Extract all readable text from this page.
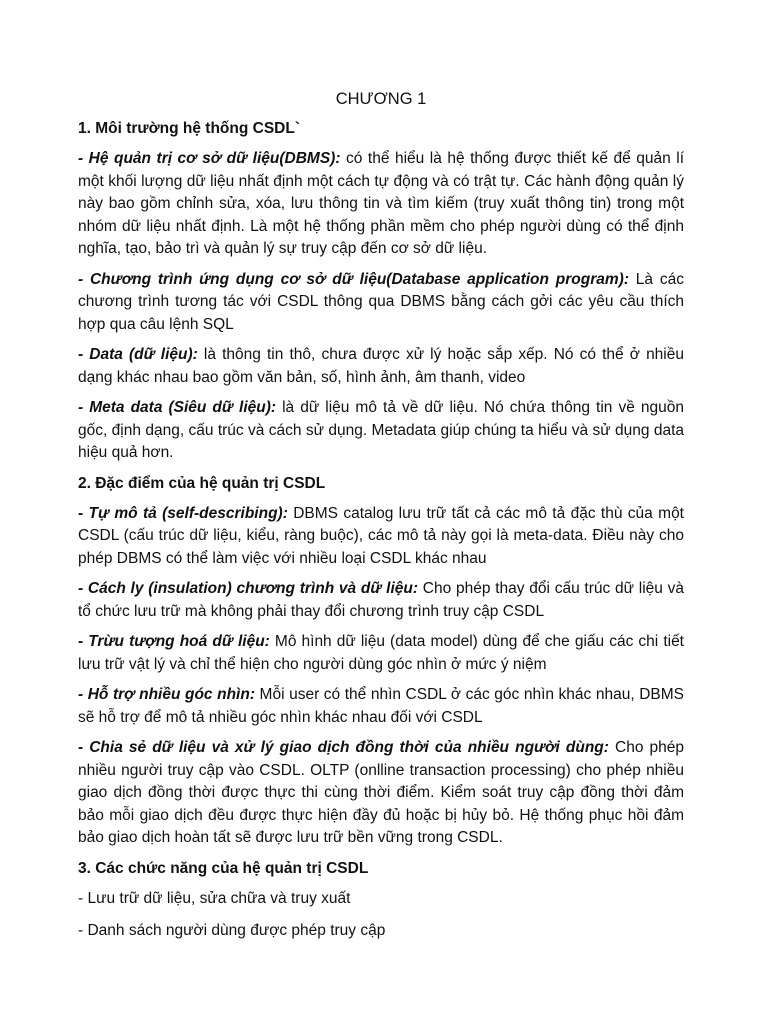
CHƯƠNG 1
1. Môi trường hệ thống CSDL`

- Hệ quản trị cơ sở dữ liệu(DBMS): có thể hiểu là hệ thống được thiết kế để quản lí một khối lượng dữ liệu nhất định một cách tự động và có trật tự. Các hành động quản lý này bao gồm chỉnh sửa, xóa, lưu thông tin và tìm kiếm (truy xuất thông tin) trong một nhóm dữ liệu nhất định. Là một hệ thống phần mềm cho phép người dùng có thể định nghĩa, tạo, bảo trì và quản lý sự truy cập đến cơ sở dữ liệu.

- Chương trình ứng dụng cơ sở dữ liệu(Database application program): Là các chương trình tương tác với CSDL thông qua DBMS bằng cách gởi các yêu cầu thích hợp qua câu lệnh SQL

- Data (dữ liệu): là thông tin thô, chưa được xử lý hoặc sắp xếp. Nó có thể ở nhiều dạng khác nhau bao gồm văn bản, số, hình ảnh, âm thanh, video

- Meta data (Siêu dữ liệu): là dữ liệu mô tả về dữ liệu. Nó chứa thông tin về nguồn gốc, định dạng, cấu trúc và cách sử dụng. Metadata giúp chúng ta hiểu và sử dụng data hiệu quả hơn.

2. Đặc điểm của hệ quản trị CSDL

- Tự mô tả (self-describing): DBMS catalog lưu trữ tất cả các mô tả đặc thù của một CSDL (cấu trúc dữ liệu, kiểu, ràng buộc), các mô tả này gọi là meta-data. Điều này cho phép DBMS có thể làm việc với nhiều loại CSDL khác nhau

- Cách ly (insulation) chương trình và dữ liệu: Cho phép thay đổi cấu trúc dữ liệu và tổ chức lưu trữ mà không phải thay đổi chương trình truy cập CSDL

- Trừu tượng hoá dữ liệu: Mô hình dữ liệu (data model) dùng để che giấu các chi tiết lưu trữ vật lý và chỉ thể hiện cho người dùng góc nhìn ở mức ý niệm

- Hỗ trợ nhiều góc nhìn: Mỗi user có thể nhìn CSDL ở các góc nhìn khác nhau, DBMS sẽ hỗ trợ để mô tả nhiều góc nhìn khác nhau đối với CSDL

- Chia sẻ dữ liệu và xử lý giao dịch đồng thời của nhiều người dùng: Cho phép nhiều người truy cập vào CSDL. OLTP (onlline transaction processing) cho phép nhiều giao dịch đồng thời được thực thi cùng thời điểm. Kiểm soát truy cập đồng thời đảm bảo mỗi giao dịch đều được thực hiện đầy đủ hoặc bị hủy bỏ. Hệ thống phục hồi đảm bảo giao dịch hoàn tất sẽ được lưu trữ bền vững trong CSDL.

3. Các chức năng của hệ quản trị CSDL
- Lưu trữ dữ liệu, sửa chữa và truy xuất
- Danh sách người dùng được phép truy cập
